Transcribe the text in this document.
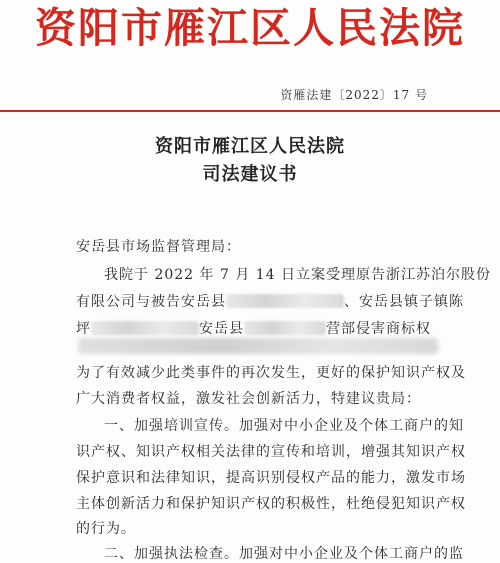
资阳市雁江区人民法院
资雁法建〔2022〕17 号
资阳市雁江区人民法院
司法建议书
安岳县市场监督管理局：
我院于 2022 年 7 月 14 日立案受理原告浙江苏泊尔股份
有限公司与被告安岳县	、安岳县镇子镇陈
坪	安岳县	营部侵害商标权
为了有效减少此类事件的再次发生，更好的保护知识产权及
广大消费者权益，激发社会创新活力，特建议贵局：
一、加强培训宣传。加强对中小企业及个体工商户的知
识产权、知识产权相关法律的宣传和培训，增强其知识产权
保护意识和法律知识，提高识别侵权产品的能力，激发市场
主体创新活力和保护知识产权的积极性，杜绝侵犯知识产权
的行为。
二、加强执法检查。加强对中小企业及个体工商户的监
